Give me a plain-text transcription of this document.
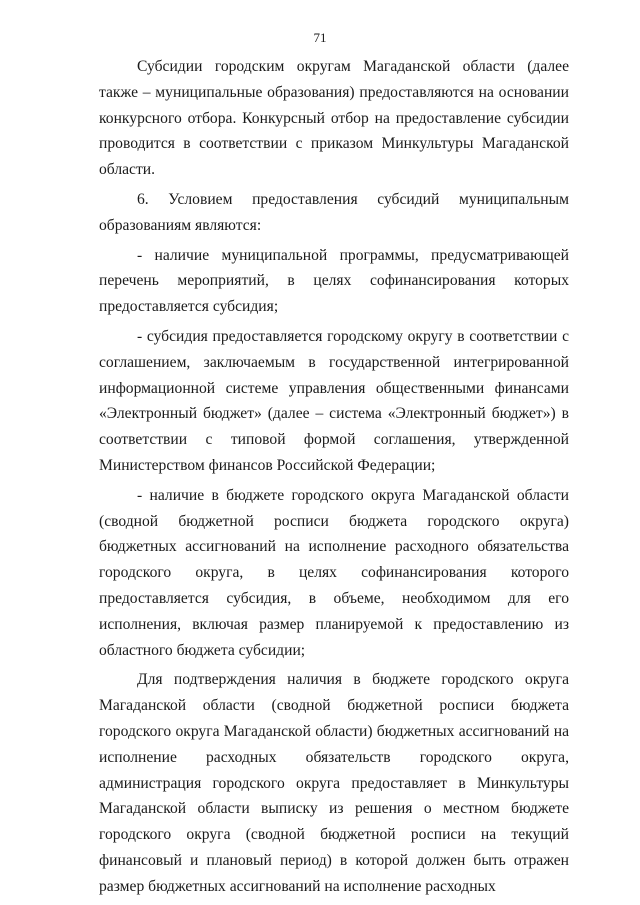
71

Субсидии городским округам Магаданской области (далее также – муниципальные образования) предоставляются на основании конкурсного отбора. Конкурсный отбор на предоставление субсидии проводится в соответствии с приказом Минкультуры Магаданской области.

6. Условием предоставления субсидий муниципальным образованиям являются:

- наличие муниципальной программы, предусматривающей перечень мероприятий, в целях софинансирования которых предоставляется субсидия;

- субсидия предоставляется городскому округу в соответствии с соглашением, заключаемым в государственной интегрированной информационной системе управления общественными финансами «Электронный бюджет» (далее – система «Электронный бюджет») в соответствии с типовой формой соглашения, утвержденной Министерством финансов Российской Федерации;

- наличие в бюджете городского округа Магаданской области (сводной бюджетной росписи бюджета городского округа) бюджетных ассигнований на исполнение расходного обязательства городского округа, в целях софинансирования которого предоставляется субсидия, в объеме, необходимом для его исполнения, включая размер планируемой к предоставлению из областного бюджета субсидии;

Для подтверждения наличия в бюджете городского округа Магаданской области (сводной бюджетной росписи бюджета городского округа Магаданской области) бюджетных ассигнований на исполнение расходных обязательств городского округа, администрация городского округа предоставляет в Минкультуры Магаданской области выписку из решения о местном бюджете городского округа (сводной бюджетной росписи на текущий финансовый и плановый период) в которой должен быть отражен размер бюджетных ассигнований на исполнение расходных
